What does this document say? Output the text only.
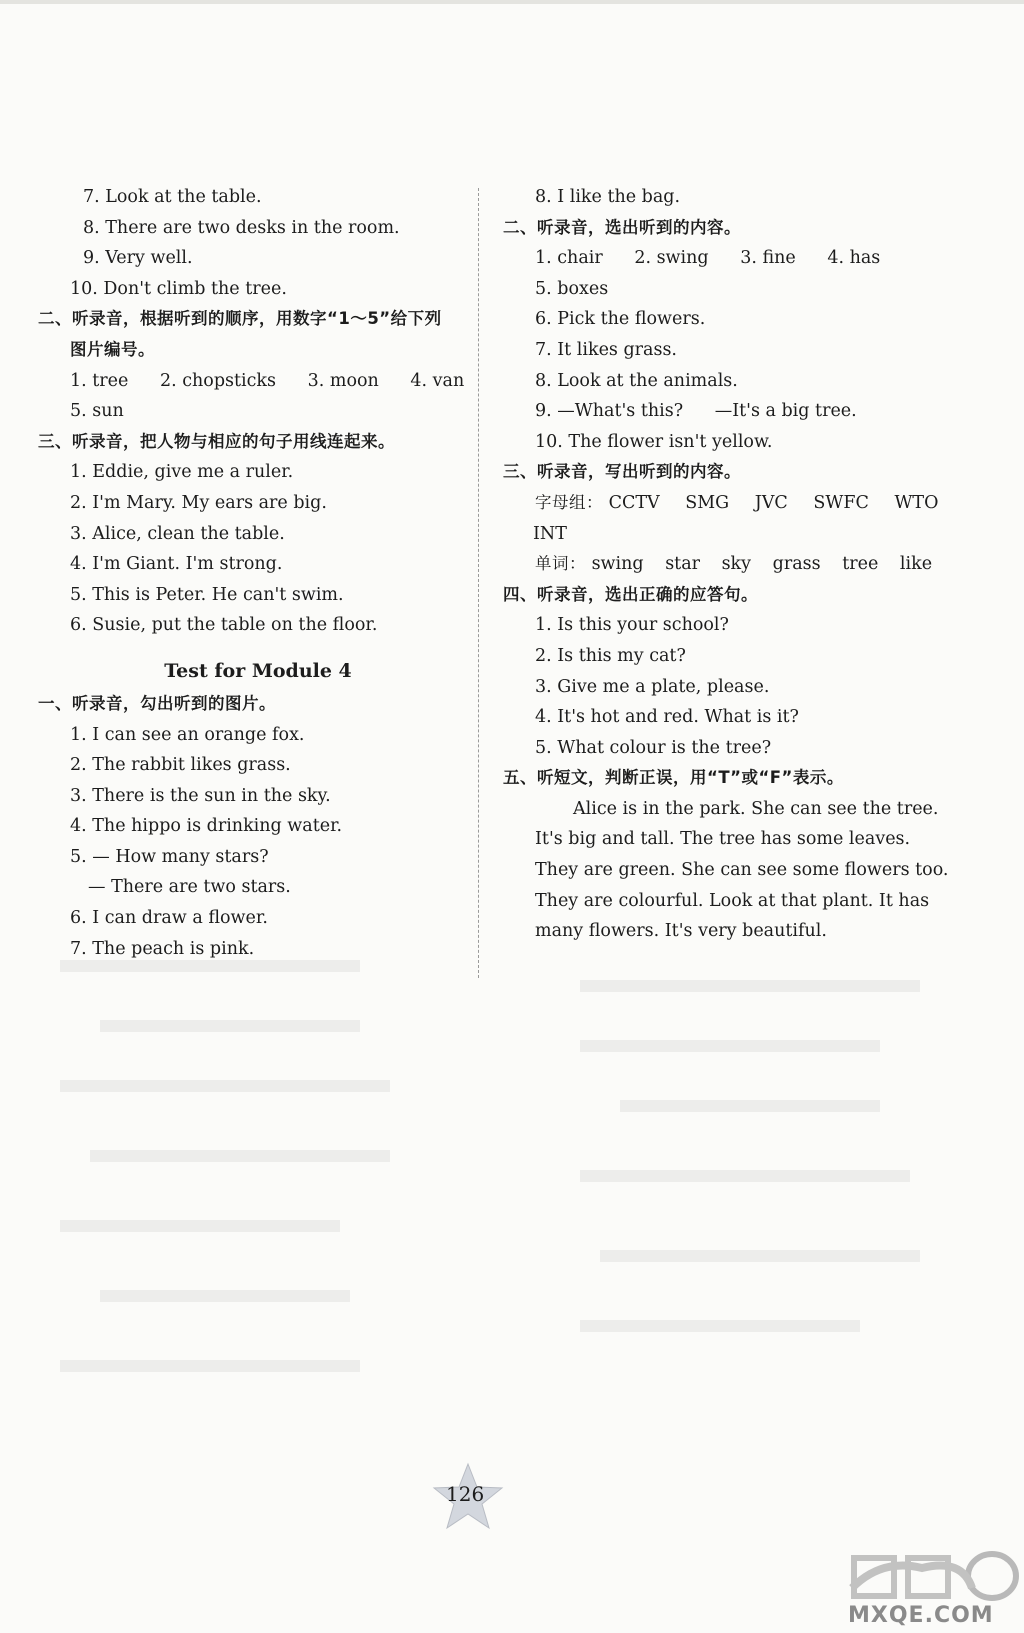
7. Look at the table.
8. There are two desks in the room.
9. Very well.
10. Don't climb the tree.
二、听录音，根据听到的顺序，用数字“1～5”给下列
图片编号。
1. tree 2. chopsticks 3. moon 4. van
5. sun
三、听录音，把人物与相应的句子用线连起来。
1. Eddie, give me a ruler.
2. I'm Mary. My ears are big.
3. Alice, clean the table.
4. I'm Giant. I'm strong.
5. This is Peter. He can't swim.
6. Susie, put the table on the floor.
Test for Module 4
一、听录音，勾出听到的图片。
1. I can see an orange fox.
2. The rabbit likes grass.
3. There is the sun in the sky.
4. The hippo is drinking water.
5. — How many stars?
— There are two stars.
6. I can draw a flower.
7. The peach is pink.
8. I like the bag.
二、听录音，选出听到的内容。
1. chair 2. swing 3. fine 4. has
5. boxes
6. Pick the flowers.
7. It likes grass.
8. Look at the animals.
9. —What's this? —It's a big tree.
10. The flower isn't yellow.
三、听录音，写出听到的内容。
字母组： CCTV SMG JVC SWFC WTO
INT
单词： swing star sky grass tree like
四、听录音，选出正确的应答句。
1. Is this your school?
2. Is this my cat?
3. Give me a plate, please.
4. It's hot and red. What is it?
5. What colour is the tree?
五、听短文，判断正误，用“T”或“F”表示。
Alice is in the park. She can see the tree.
It's big and tall. The tree has some leaves.
They are green. She can see some flowers too.
They are colourful. Look at that plant. It has
many flowers. It's very beautiful.
126
MXQE.COM
